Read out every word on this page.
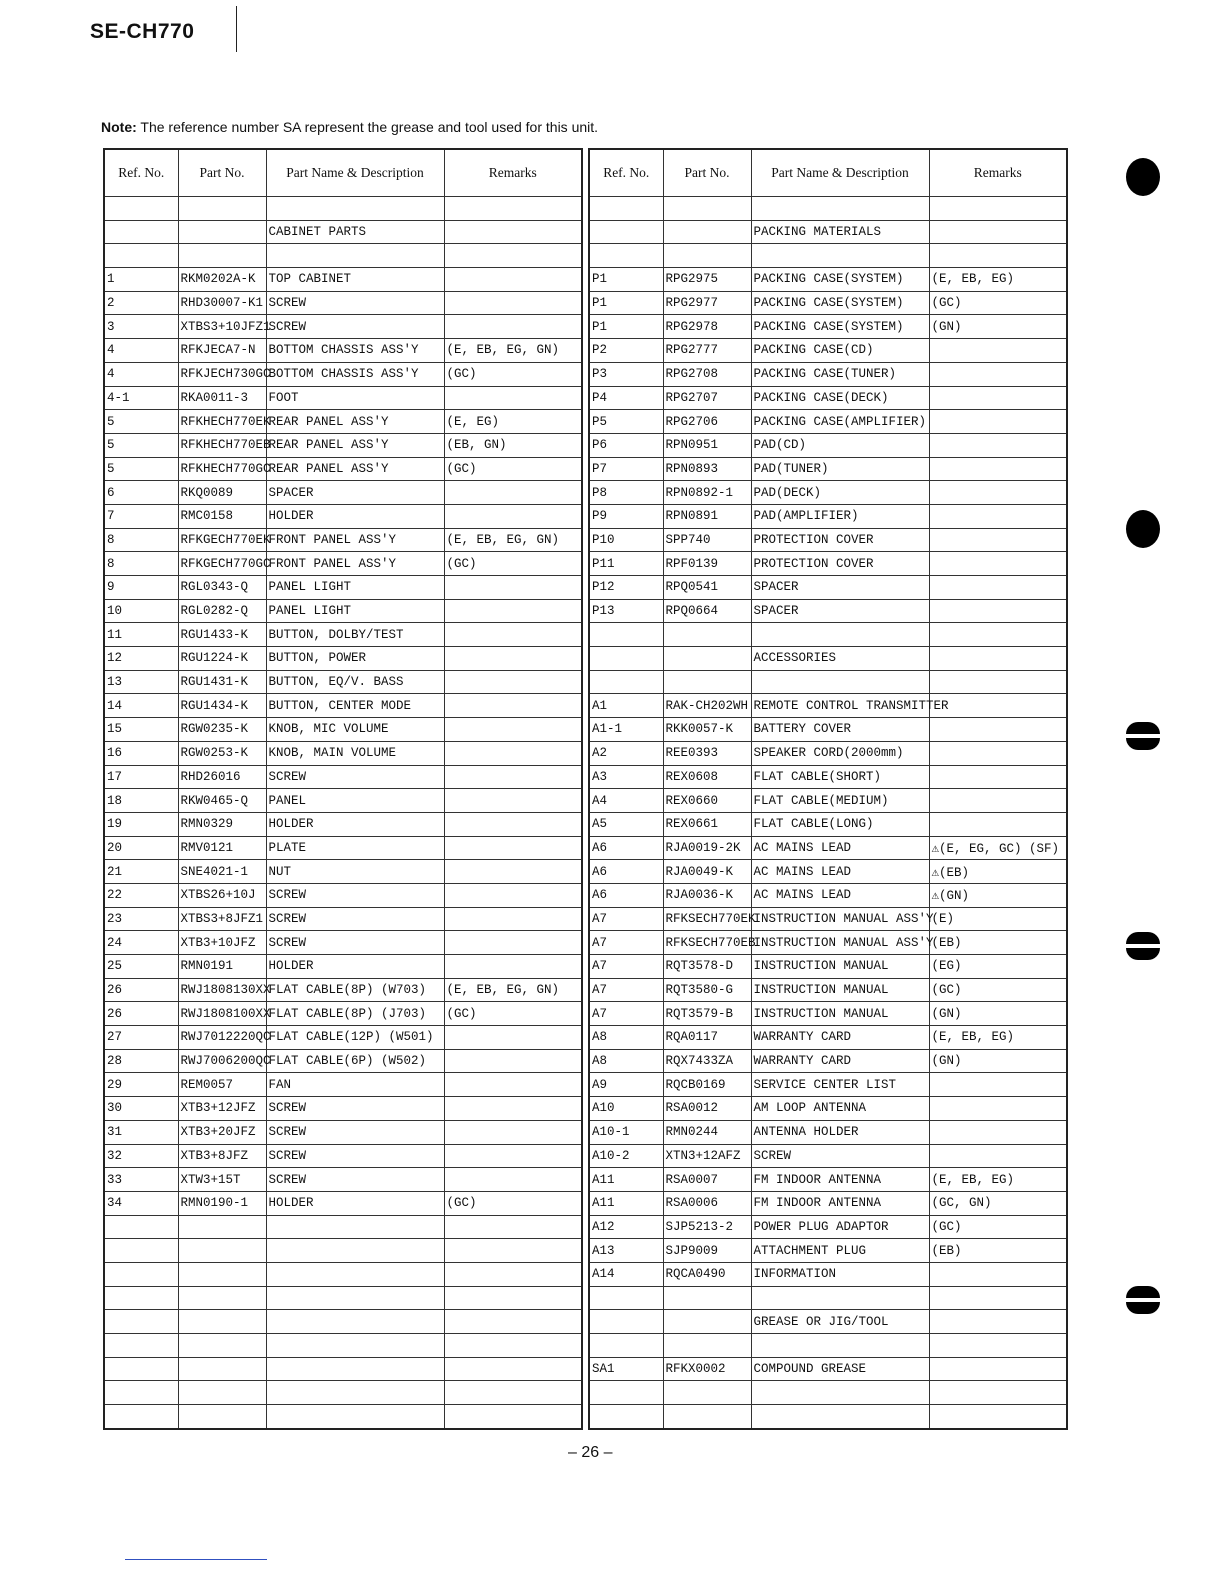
SE-CH770
Note: The reference number SA represent the grease and tool used for this unit.
Ref. No.	Part No.	Part Name & Description	Remarks

		CABINET PARTS	

1	RKM0202A-K	TOP CABINET	
2	RHD30007-K1	SCREW	
3	XTBS3+10JFZ1	SCREW	
4	RFKJECA7-N	BOTTOM CHASSIS ASS'Y	(E, EB, EG, GN)
4	RFKJECH730GC	BOTTOM CHASSIS ASS'Y	(GC)
4-1	RKA0011-3	FOOT	
5	RFKHECH770EK	REAR PANEL ASS'Y	(E, EG)
5	RFKHECH770EB	REAR PANEL ASS'Y	(EB, GN)
5	RFKHECH770GC	REAR PANEL ASS'Y	(GC)
6	RKQ0089	SPACER	
7	RMC0158	HOLDER	
8	RFKGECH770EK	FRONT PANEL ASS'Y	(E, EB, EG, GN)
8	RFKGECH770GC	FRONT PANEL ASS'Y	(GC)
9	RGL0343-Q	PANEL LIGHT	
10	RGL0282-Q	PANEL LIGHT	
11	RGU1433-K	BUTTON, DOLBY/TEST	
12	RGU1224-K	BUTTON, POWER	
13	RGU1431-K	BUTTON, EQ/V. BASS	
14	RGU1434-K	BUTTON, CENTER MODE	
15	RGW0235-K	KNOB, MIC VOLUME	
16	RGW0253-K	KNOB, MAIN VOLUME	
17	RHD26016	SCREW	
18	RKW0465-Q	PANEL	
19	RMN0329	HOLDER	
20	RMV0121	PLATE	
21	SNE4021-1	NUT	
22	XTBS26+10J	SCREW	
23	XTBS3+8JFZ1	SCREW	
24	XTB3+10JFZ	SCREW	
25	RMN0191	HOLDER	
26	RWJ1808130XX	FLAT CABLE(8P) (W703)	(E, EB, EG, GN)
26	RWJ1808100XX	FLAT CABLE(8P) (J703)	(GC)
27	RWJ7012220QC	FLAT CABLE(12P) (W501)	
28	RWJ7006200QC	FLAT CABLE(6P) (W502)	
29	REM0057	FAN	
30	XTB3+12JFZ	SCREW	
31	XTB3+20JFZ	SCREW	
32	XTB3+8JFZ	SCREW	
33	XTW3+15T	SCREW	
34	RMN0190-1	HOLDER	(GC)

Ref. No.	Part No.	Part Name & Description	Remarks

		PACKING MATERIALS	

P1	RPG2975	PACKING CASE(SYSTEM)	(E, EB, EG)
P1	RPG2977	PACKING CASE(SYSTEM)	(GC)
P1	RPG2978	PACKING CASE(SYSTEM)	(GN)
P2	RPG2777	PACKING CASE(CD)	
P3	RPG2708	PACKING CASE(TUNER)	
P4	RPG2707	PACKING CASE(DECK)	
P5	RPG2706	PACKING CASE(AMPLIFIER)	
P6	RPN0951	PAD(CD)	
P7	RPN0893	PAD(TUNER)	
P8	RPN0892-1	PAD(DECK)	
P9	RPN0891	PAD(AMPLIFIER)	
P10	SPP740	PROTECTION COVER	
P11	RPF0139	PROTECTION COVER	
P12	RPQ0541	SPACER	
P13	RPQ0664	SPACER	

		ACCESSORIES	

A1	RAK-CH202WH	REMOTE CONTROL TRANSMITTER	
A1-1	RKK0057-K	BATTERY COVER	
A2	REE0393	SPEAKER CORD(2000mm)	
A3	REX0608	FLAT CABLE(SHORT)	
A4	REX0660	FLAT CABLE(MEDIUM)	
A5	REX0661	FLAT CABLE(LONG)	
A6	RJA0019-2K	AC MAINS LEAD	⚠(E, EG, GC) (SF)
A6	RJA0049-K	AC MAINS LEAD	⚠(EB)
A6	RJA0036-K	AC MAINS LEAD	⚠(GN)
A7	RFKSECH770EK	INSTRUCTION MANUAL ASS'Y	(E)
A7	RFKSECH770EB	INSTRUCTION MANUAL ASS'Y	(EB)
A7	RQT3578-D	INSTRUCTION MANUAL	(EG)
A7	RQT3580-G	INSTRUCTION MANUAL	(GC)
A7	RQT3579-B	INSTRUCTION MANUAL	(GN)
A8	RQA0117	WARRANTY CARD	(E, EB, EG)
A8	RQX7433ZA	WARRANTY CARD	(GN)
A9	RQCB0169	SERVICE CENTER LIST	
A10	RSA0012	AM LOOP ANTENNA	
A10-1	RMN0244	ANTENNA HOLDER	
A10-2	XTN3+12AFZ	SCREW	
A11	RSA0007	FM INDOOR ANTENNA	(E, EB, EG)
A11	RSA0006	FM INDOOR ANTENNA	(GC, GN)
A12	SJP5213-2	POWER PLUG ADAPTOR	(GC)
A13	SJP9009	ATTACHMENT PLUG	(EB)
A14	RQCA0490	INFORMATION	

		GREASE OR JIG/TOOL	

SA1	RFKX0002	COMPOUND GREASE	

– 26 –
